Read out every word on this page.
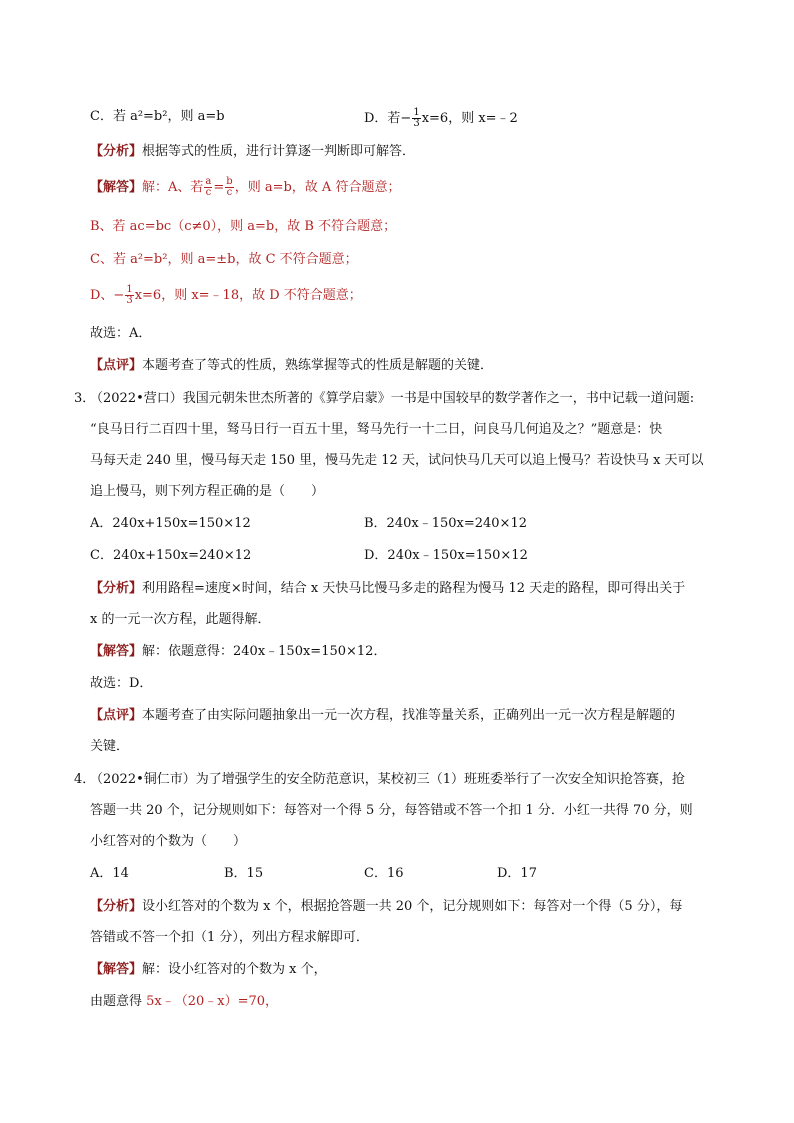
C．若 a²=b²，则 a=b	D．若− $\frac{1}{3} x=6$，则 x=﹣2
【分析】根据等式的性质，进行计算逐一判断即可解答．
【解答】解：A、若 $\frac{a}{c} = \frac{b}{c}$ ，则 a=b，故 A 符合题意；
B、若 ac=bc（c≠0），则 a=b，故 B 不符合题意；
C、若 a²=b²，则 a=±b，故 C 不符合题意；
D、− $\frac{1}{3} x=6$，则 x=﹣18，故 D 不符合题意；
故选：A．
【点评】本题考查了等式的性质，熟练掌握等式的性质是解题的关键．
3．
（2022•营口）我国元朝朱世杰所著的《算学启蒙》一书是中国较早的数学著作之一，书中记载一道问题:
“良马日行二百四十里，驽马日行一百五十里，驽马先行一十二日，问良马几何追及之？”题意是：快
马每天走 240 里，慢马每天走 150 里，慢马先走 12 天，试问快马几天可以追上慢马？若设快马 x 天可以
追上慢马，则下列方程正确的是（　　）
A．240x+150x=150×12	B．240x﹣150x=240×12
C．240x+150x=240×12	D．240x﹣150x=150×12
【分析】利用路程=速度×时间，结合 x 天快马比慢马多走的路程为慢马 12 天走的路程，即可得出关于
x 的一元一次方程，此题得解．
【解答】解：依题意得：240x﹣150x=150×12．
故选：D．
【点评】本题考查了由实际问题抽象出一元一次方程，找准等量关系，正确列出一元一次方程是解题的
关键．
4．
（2022•铜仁市）为了增强学生的安全防范意识，某校初三（1）班班委举行了一次安全知识抢答赛，抢
答题一共 20 个，记分规则如下：每答对一个得 5 分，每答错或不答一个扣 1 分．小红一共得 70 分，则
小红答对的个数为（　　）
A．14	B．15	C．16	D．17
【分析】设小红答对的个数为 x 个，根据抢答题一共 20 个，记分规则如下：每答对一个得（5 分），每
答错或不答一个扣（1 分），列出方程求解即可．
【解答】解：设小红答对的个数为 x 个，
由题意得 5x﹣（20﹣x）=70，
